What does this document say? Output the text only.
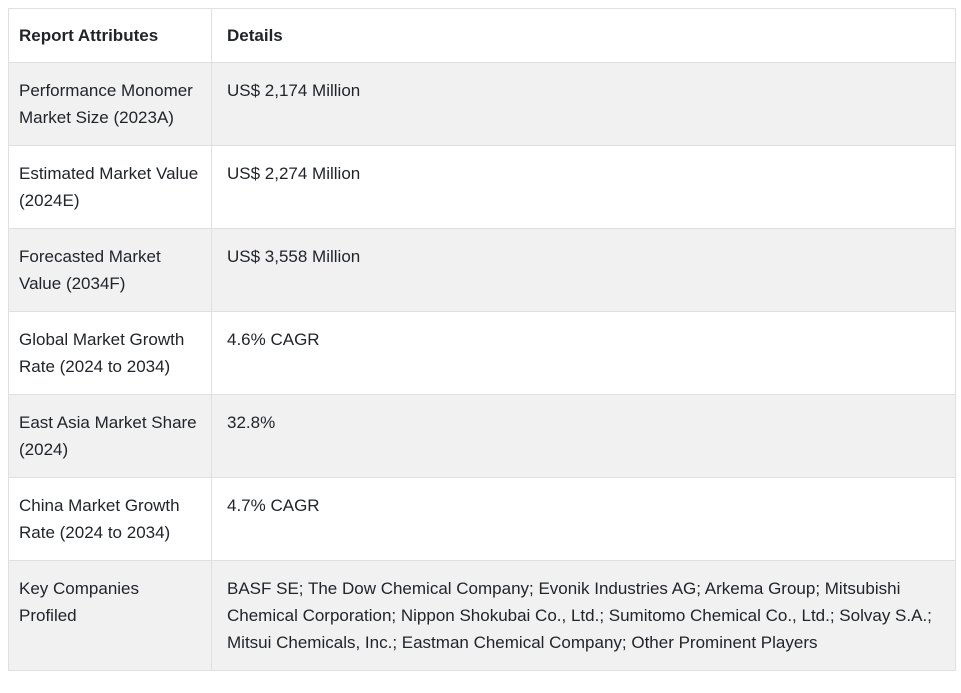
Report Attributes	Details
Performance Monomer Market Size (2023A)	US$ 2,174 Million
Estimated Market Value (2024E)	US$ 2,274 Million
Forecasted Market Value (2034F)	US$ 3,558 Million
Global Market Growth Rate (2024 to 2034)	4.6% CAGR
East Asia Market Share (2024)	32.8%
China Market Growth Rate (2024 to 2034)	4.7% CAGR
Key Companies Profiled	BASF SE; The Dow Chemical Company; Evonik Industries AG; Arkema Group; Mitsubishi Chemical Corporation; Nippon Shokubai Co., Ltd.; Sumitomo Chemical Co., Ltd.; Solvay S.A.; Mitsui Chemicals, Inc.; Eastman Chemical Company; Other Prominent Players
